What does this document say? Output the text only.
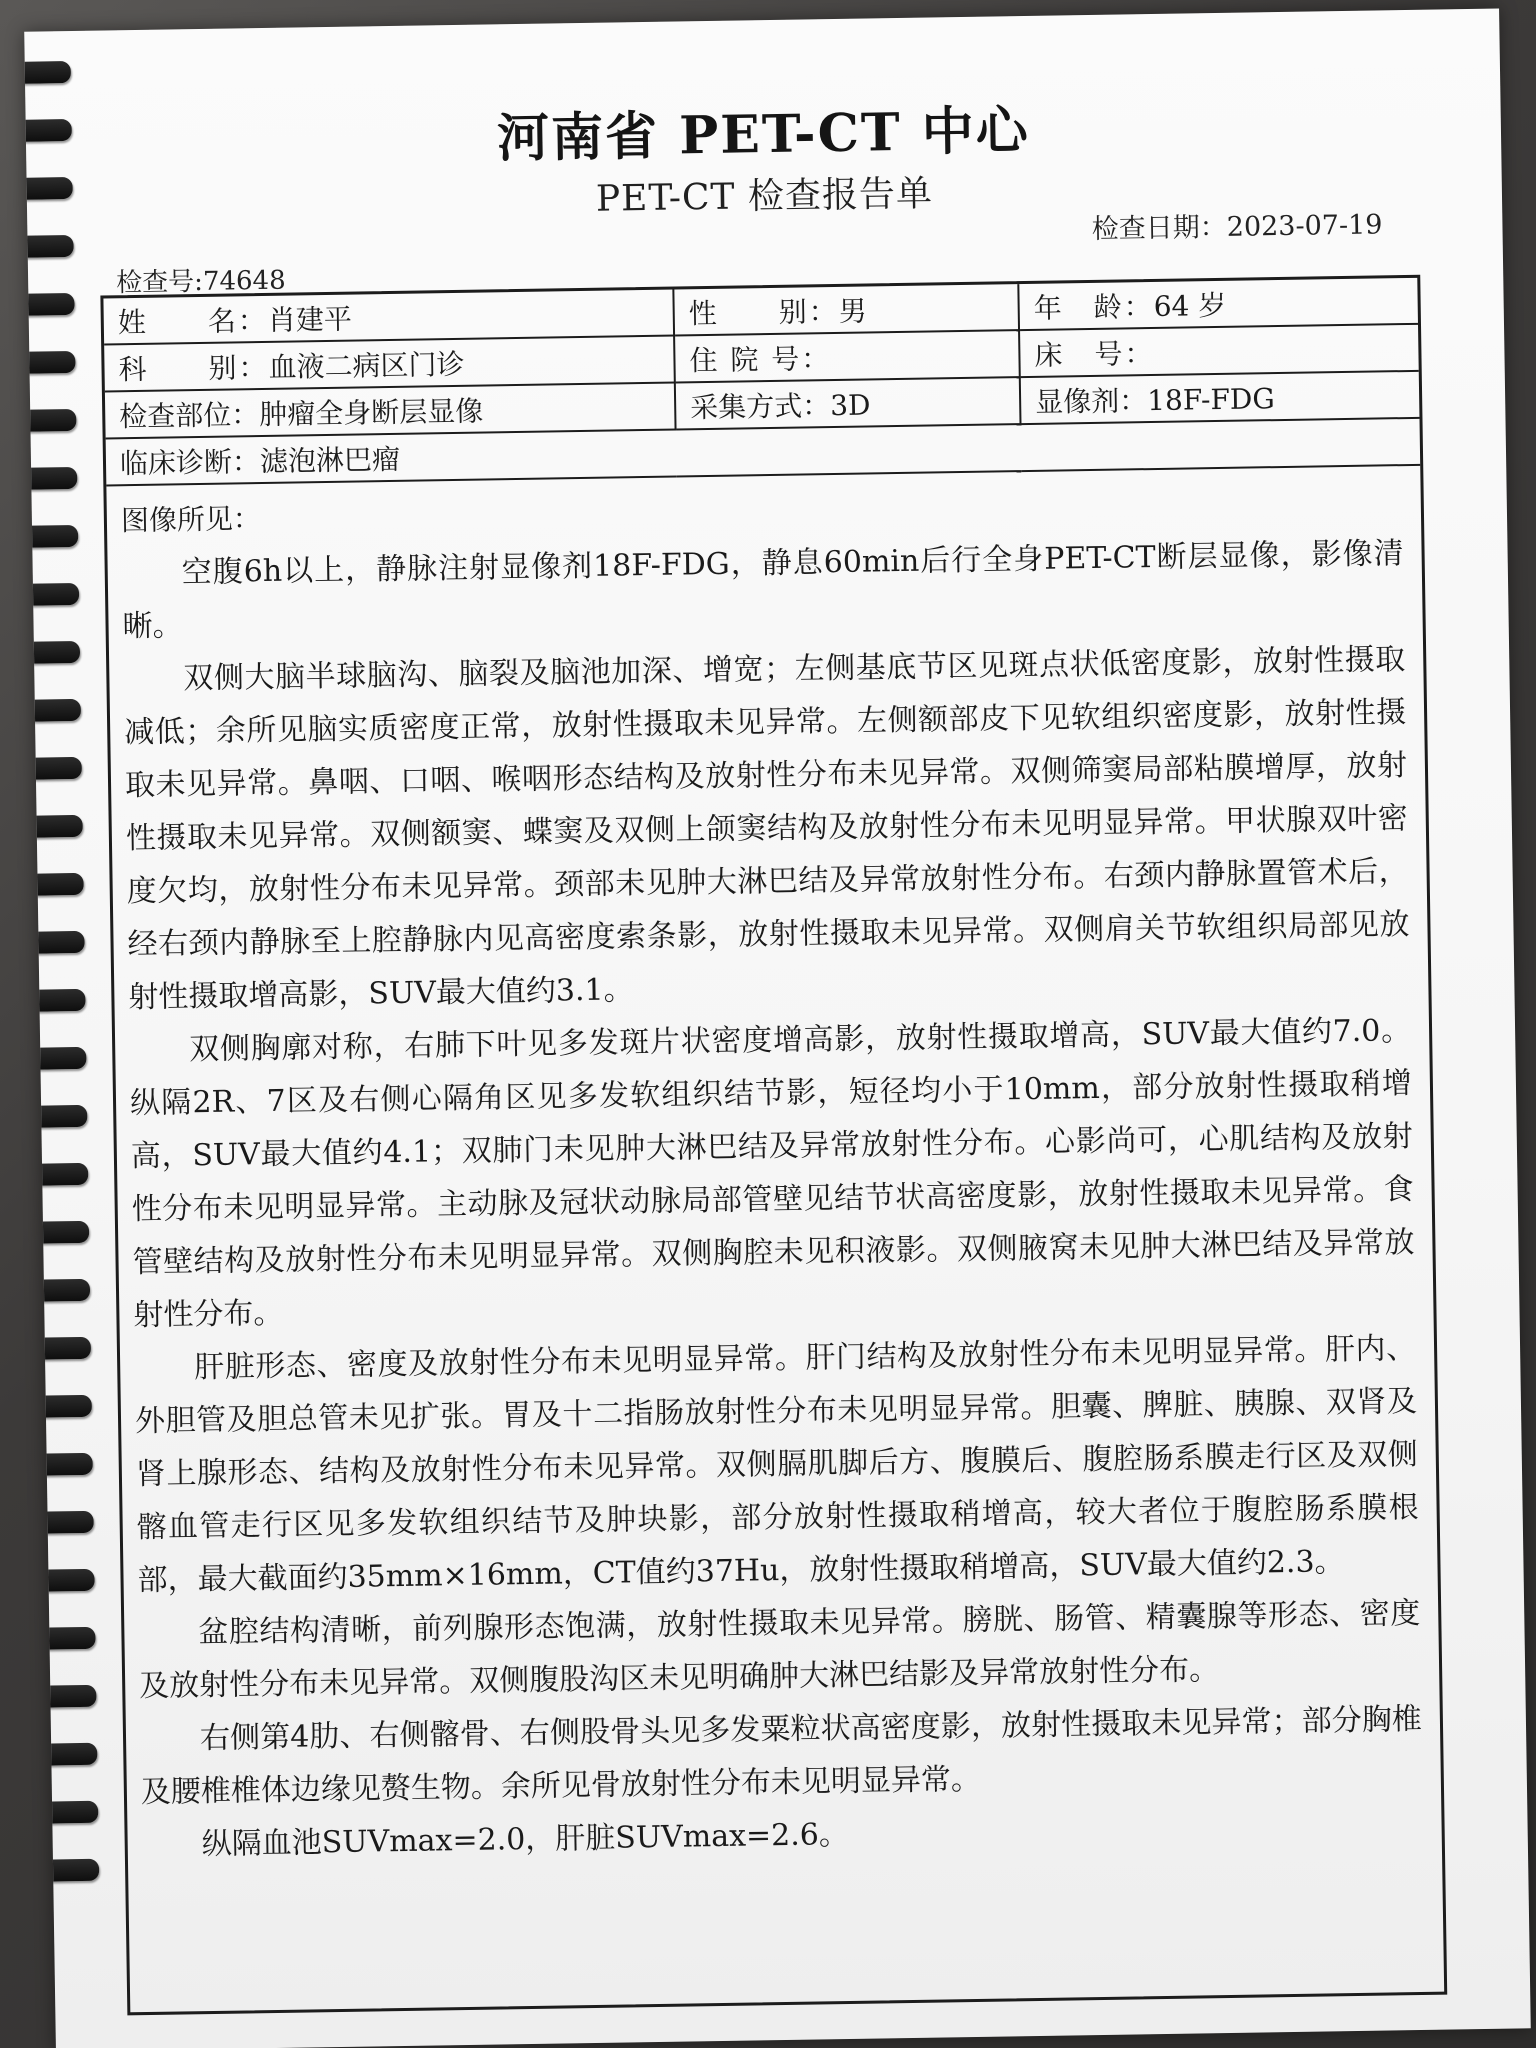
河南省 PET-CT 中心
PET-CT 检查报告单
检查日期：2023-07-19
检查号:74648
姓　　名：肖建平	性　　别：男	年　龄：64 岁
科　　别：血液二病区门诊	住 院 号：	床　号：
检查部位：肿瘤全身断层显像	采集方式：3D	显像剂：18F-FDG
临床诊断：滤泡淋巴瘤		
图像所见：

空腹6h以上，静脉注射显像剂18F-FDG，静息60min后行全身PET-CT断层显像，影像清晰。

双侧大脑半球脑沟、脑裂及脑池加深、增宽；左侧基底节区见斑点状低密度影，放射性摄取减低；余所见脑实质密度正常，放射性摄取未见异常。左侧额部皮下见软组织密度影，放射性摄取未见异常。鼻咽、口咽、喉咽形态结构及放射性分布未见异常。双侧筛窦局部粘膜增厚，放射性摄取未见异常。双侧额窦、蝶窦及双侧上颌窦结构及放射性分布未见明显异常。甲状腺双叶密度欠均，放射性分布未见异常。颈部未见肿大淋巴结及异常放射性分布。右颈内静脉置管术后，经右颈内静脉至上腔静脉内见高密度索条影，放射性摄取未见异常。双侧肩关节软组织局部见放射性摄取增高影，SUV最大值约3.1。

双侧胸廓对称，右肺下叶见多发斑片状密度增高影，放射性摄取增高，SUV最大值约7.0。纵隔2R、7区及右侧心隔角区见多发软组织结节影，短径均小于10mm，部分放射性摄取稍增高，SUV最大值约4.1；双肺门未见肿大淋巴结及异常放射性分布。心影尚可，心肌结构及放射性分布未见明显异常。主动脉及冠状动脉局部管壁见结节状高密度影，放射性摄取未见异常。食管壁结构及放射性分布未见明显异常。双侧胸腔未见积液影。双侧腋窝未见肿大淋巴结及异常放射性分布。

肝脏形态、密度及放射性分布未见明显异常。肝门结构及放射性分布未见明显异常。肝内、外胆管及胆总管未见扩张。胃及十二指肠放射性分布未见明显异常。胆囊、脾脏、胰腺、双肾及肾上腺形态、结构及放射性分布未见异常。双侧膈肌脚后方、腹膜后、腹腔肠系膜走行区及双侧髂血管走行区见多发软组织结节及肿块影，部分放射性摄取稍增高，较大者位于腹腔肠系膜根部，最大截面约35mm×16mm，CT值约37Hu，放射性摄取稍增高，SUV最大值约2.3。

盆腔结构清晰，前列腺形态饱满，放射性摄取未见异常。膀胱、肠管、精囊腺等形态、密度及放射性分布未见异常。双侧腹股沟区未见明确肿大淋巴结影及异常放射性分布。

右侧第4肋、右侧髂骨、右侧股骨头见多发粟粒状高密度影，放射性摄取未见异常；部分胸椎及腰椎椎体边缘见赘生物。余所见骨放射性分布未见明显异常。

纵隔血池SUVmax=2.0，肝脏SUVmax=2.6。
